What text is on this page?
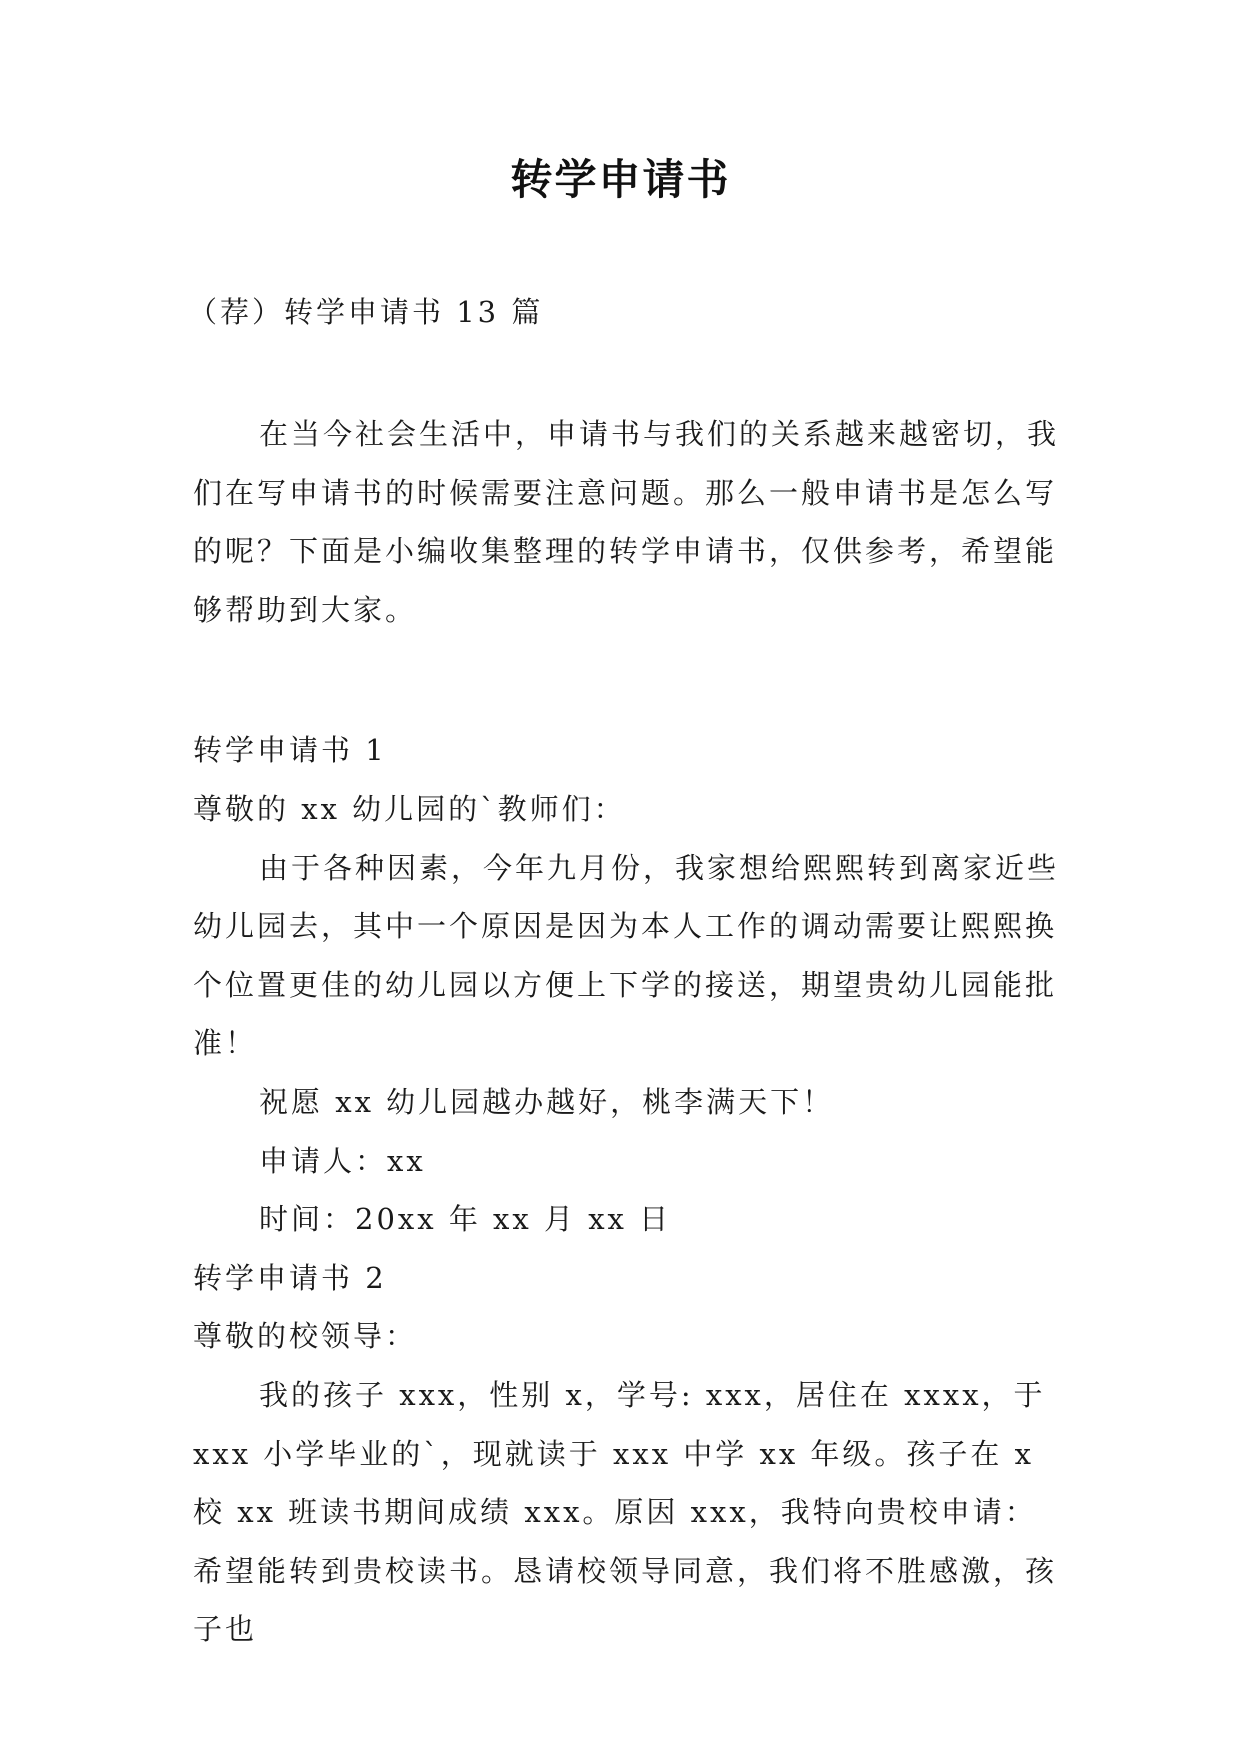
转学申请书
（荐）转学申请书 13 篇

在当今社会生活中，申请书与我们的关系越来越密切，我们在写申请书的时候需要注意问题。那么一般申请书是怎么写的呢？下面是小编收集整理的转学申请书，仅供参考，希望能够帮助到大家。

转学申请书 1

尊敬的 xx 幼儿园的`教师们：

由于各种因素，今年九月份，我家想给熙熙转到离家近些幼儿园去，其中一个原因是因为本人工作的调动需要让熙熙换个位置更佳的幼儿园以方便上下学的接送，期望贵幼儿园能批准！

祝愿 xx 幼儿园越办越好，桃李满天下！

申请人：xx

时间：20xx 年 xx 月 xx 日

转学申请书 2

尊敬的校领导：

我的孩子 xxx，性别 x，学号: xxx，居住在 xxxx，于 xxx 小学毕业的`，现就读于 xxx 中学 xx 年级。孩子在 x 校 xx 班读书期间成绩 xxx。原因 xxx，我特向贵校申请：希望能转到贵校读书。恳请校领导同意，我们将不胜感激，孩子也
